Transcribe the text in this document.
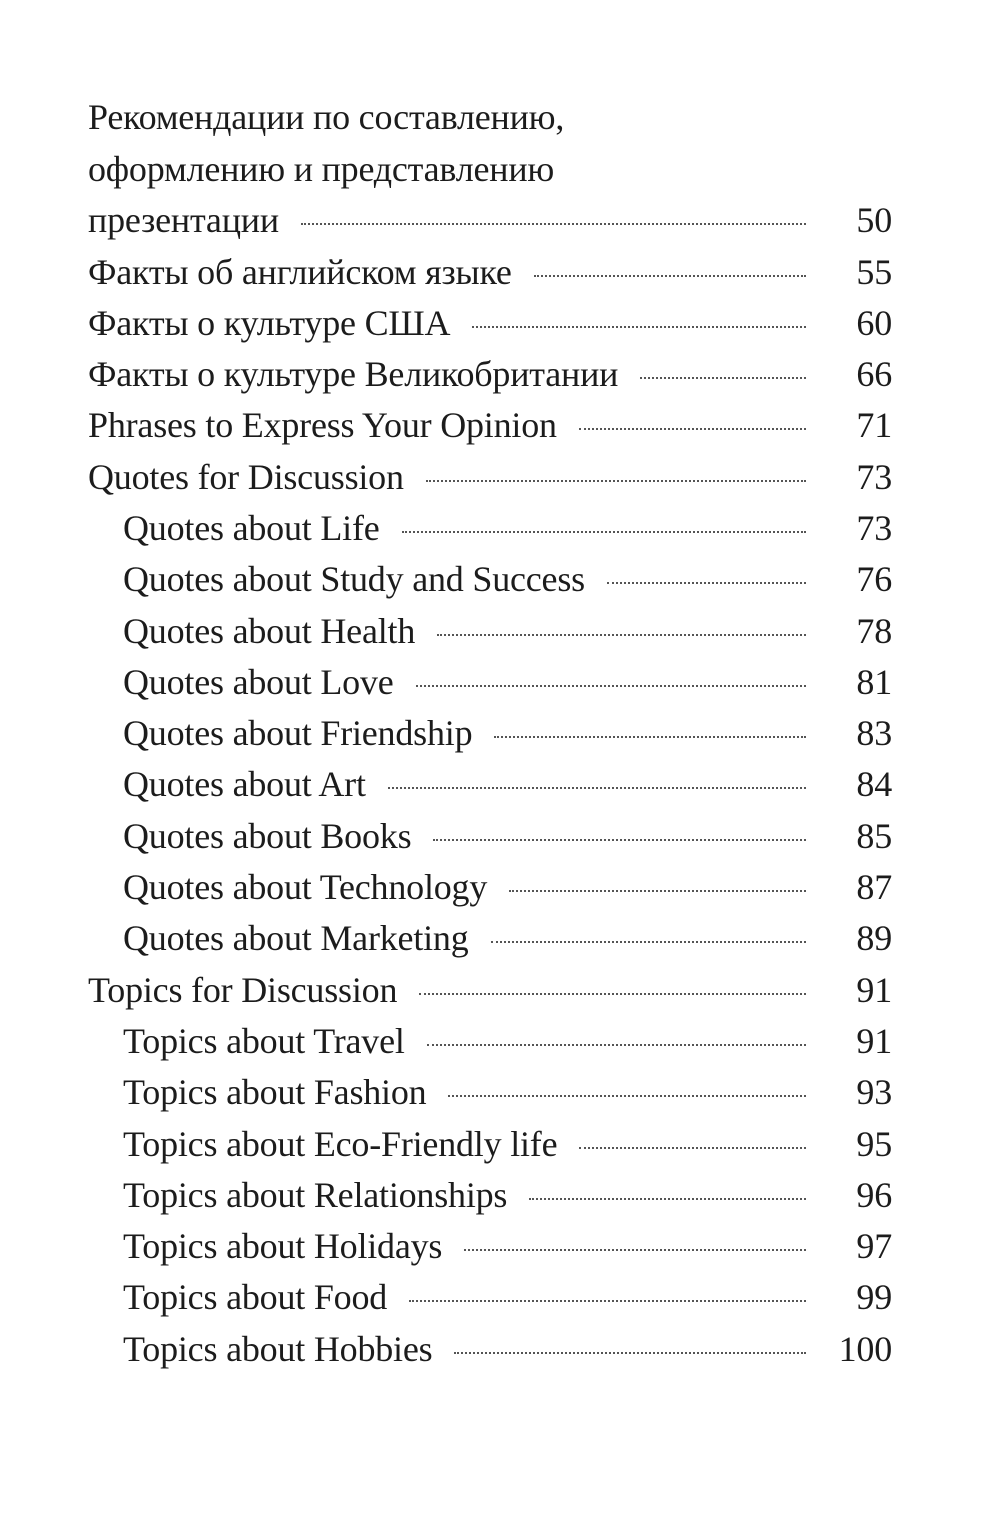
Рекомендации по составлению,
оформлению и представлению
презентации	50
Факты об английском языке	55
Факты о культуре США	60
Факты о культуре Великобритании	66
Phrases to Express Your Opinion	71
Quotes for Discussion	73
Quotes about Life	73
Quotes about Study and Success	76
Quotes about Health	78
Quotes about Love	81
Quotes about Friendship	83
Quotes about Art	84
Quotes about Books	85
Quotes about Technology	87
Quotes about Marketing	89
Topics for Discussion	91
Topics about Travel	91
Topics about Fashion	93
Topics about Eco-Friendly life	95
Topics about Relationships	96
Topics about Holidays	97
Topics about Food	99
Topics about Hobbies	100
